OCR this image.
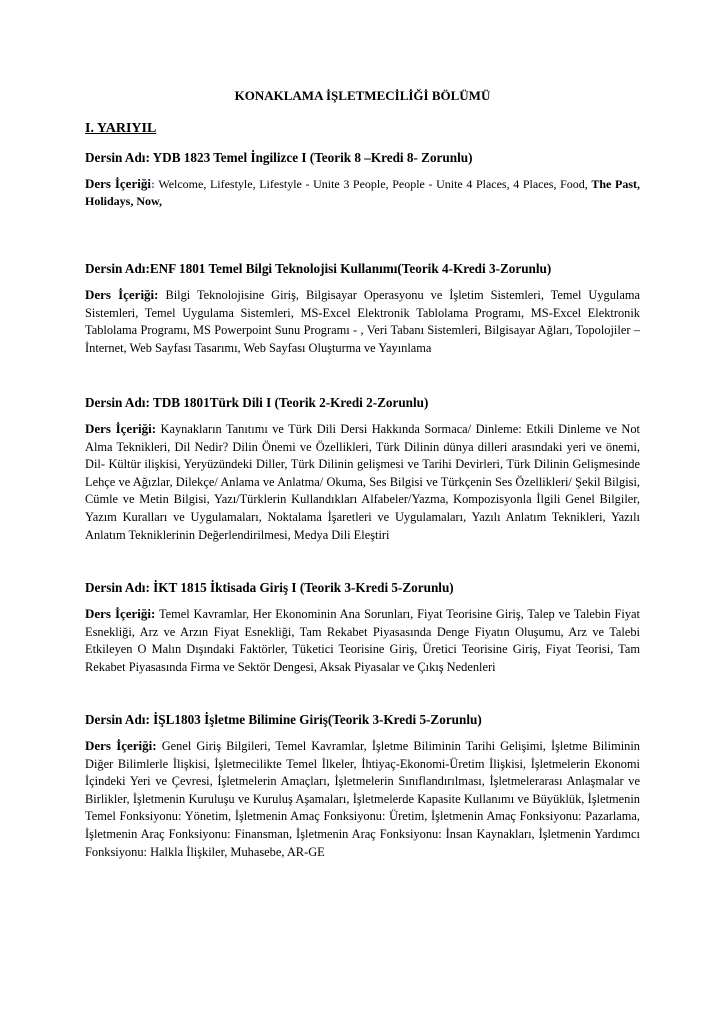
KONAKLAMA İŞLETMECİLİĞİ BÖLÜMÜ
I. YARIYIL
Dersin Adı: YDB 1823 Temel İngilizce I (Teorik 8 –Kredi 8- Zorunlu)
Ders İçeriği: Welcome, Lifestyle, Lifestyle - Unite 3 People, People - Unite 4 Places, 4 Places, Food, The Past, Holidays, Now,
Dersin Adı:ENF 1801 Temel Bilgi Teknolojisi Kullanımı(Teorik 4-Kredi 3-Zorunlu)
Ders İçeriği: Bilgi Teknolojisine Giriş, Bilgisayar Operasyonu ve İşletim Sistemleri, Temel Uygulama Sistemleri, Temel Uygulama Sistemleri, MS-Excel Elektronik Tablolama Programı, MS-Excel Elektronik Tablolama Programı, MS Powerpoint Sunu Programı - , Veri Tabanı Sistemleri, Bilgisayar Ağları, Topolojiler – İnternet, Web Sayfası Tasarımı, Web Sayfası Oluşturma ve Yayınlama
Dersin Adı: TDB 1801Türk Dili I (Teorik 2-Kredi 2-Zorunlu)
Ders İçeriği: Kaynakların Tanıtımı ve Türk Dili Dersi Hakkında Sormaca/ Dinleme: Etkili Dinleme ve Not Alma Teknikleri, Dil Nedir? Dilin Önemi ve Özellikleri, Türk Dilinin dünya dilleri arasındaki yeri ve önemi, Dil- Kültür ilişkisi, Yeryüzündeki Diller, Türk Dilinin gelişmesi ve Tarihi Devirleri, Türk Dilinin Gelişmesinde Lehçe ve Ağızlar, Dilekçe/ Anlama ve Anlatma/ Okuma, Ses Bilgisi ve Türkçenin Ses Özellikleri/ Şekil Bilgisi, Cümle ve Metin Bilgisi, Yazı/Türklerin Kullandıkları Alfabeler/Yazma, Kompozisyonla İlgili Genel Bilgiler, Yazım Kuralları ve Uygulamaları, Noktalama İşaretleri ve Uygulamaları, Yazılı Anlatım Teknikleri, Yazılı Anlatım Tekniklerinin Değerlendirilmesi, Medya Dili Eleştiri
Dersin Adı: İKT 1815 İktisada Giriş I (Teorik 3-Kredi 5-Zorunlu)
Ders İçeriği: Temel Kavramlar, Her Ekonominin Ana Sorunları, Fiyat Teorisine Giriş, Talep ve Talebin Fiyat Esnekliği, Arz ve Arzın Fiyat Esnekliği, Tam Rekabet Piyasasında Denge Fiyatın Oluşumu, Arz ve Talebi Etkileyen O Malın Dışındaki Faktörler, Tüketici Teorisine Giriş, Üretici Teorisine Giriş, Fiyat Teorisi, Tam Rekabet Piyasasında Firma ve Sektör Dengesi, Aksak Piyasalar ve Çıkış Nedenleri
Dersin Adı: İŞL1803 İşletme Bilimine Giriş(Teorik 3-Kredi 5-Zorunlu)
Ders İçeriği: Genel Giriş Bilgileri, Temel Kavramlar, İşletme Biliminin Tarihi Gelişimi, İşletme Biliminin Diğer Bilimlerle İlişkisi, İşletmecilikte Temel İlkeler, İhtiyaç-Ekonomi-Üretim İlişkisi, İşletmelerin Ekonomi İçindeki Yeri ve Çevresi, İşletmelerin Amaçları, İşletmelerin Sınıflandırılması, İşletmelerarası Anlaşmalar ve Birlikler, İşletmenin Kuruluşu ve Kuruluş Aşamaları, İşletmelerde Kapasite Kullanımı ve Büyüklük, İşletmenin Temel Fonksiyonu: Yönetim, İşletmenin Amaç Fonksiyonu: Üretim, İşletmenin Amaç Fonksiyonu: Pazarlama, İşletmenin Araç Fonksiyonu: Finansman, İşletmenin Araç Fonksiyonu: İnsan Kaynakları, İşletmenin Yardımcı Fonksiyonu: Halkla İlişkiler, Muhasebe, AR-GE
